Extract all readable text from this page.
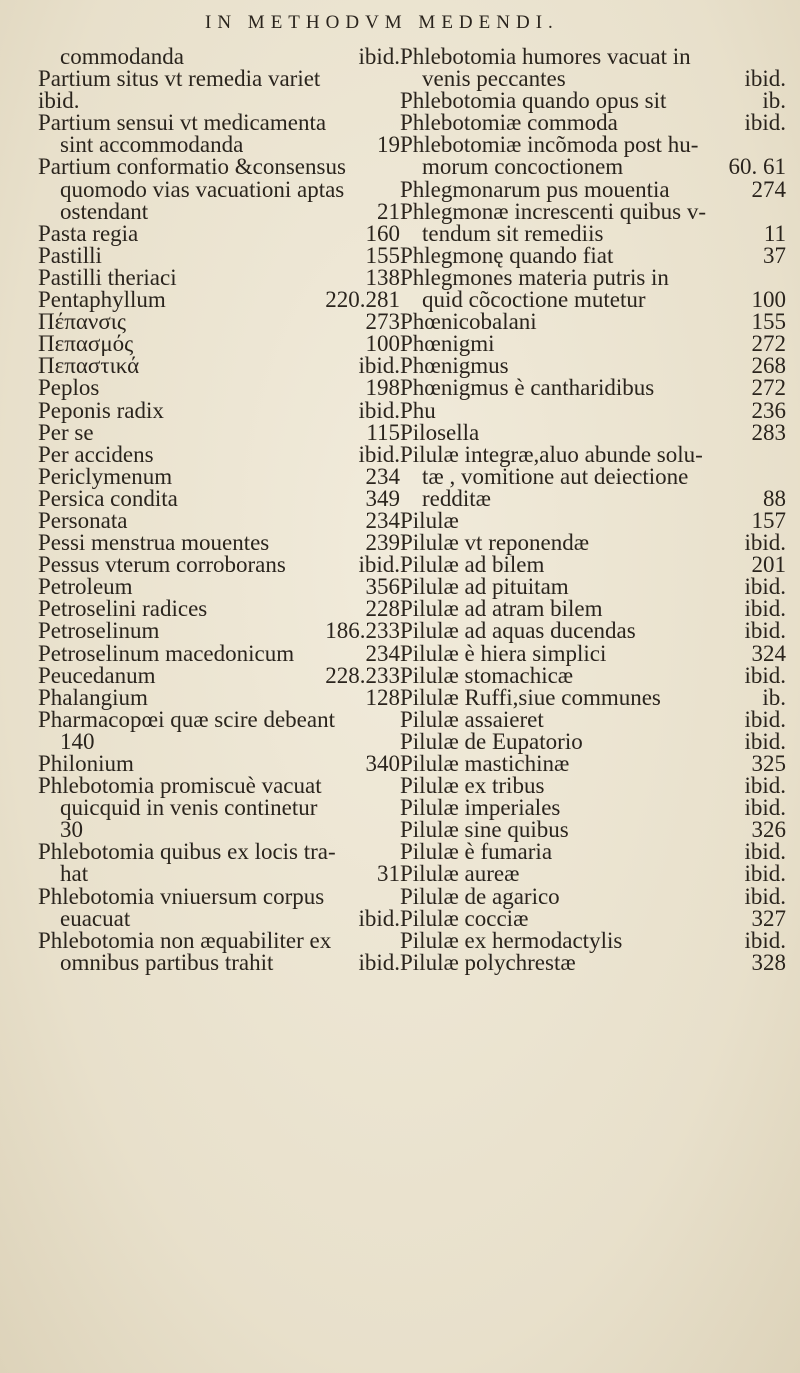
IN METHODVM MEDENDI.
commodanda	ibid.
Partium situs vt remedia variet
ibid.
Partium sensui vt medicamenta
sint accommodanda	19
Partium conformatio &consensus
quomodo vias vacuationi aptas
ostendant	21
Pasta regia	160
Pastilli	155
Pastilli theriaci	138
Pentaphyllum	220.281
Πέπανσις	273
Πεπασμός	100
Πεπαστικά	ibid.
Peplos	198
Peponis radix	ibid.
Per se	115
Per accidens	ibid.
Periclymenum	234
Persica condita	349
Personata	234
Pessi menstrua mouentes	239
Pessus vterum corroborans	ibid.
Petroleum	356
Petroselini radices	228
Petroselinum	186.233
Petroselinum macedonicum	234
Peucedanum	228.233
Phalangium	128
Pharmacopœi quæ scire debeant
140
Philonium	340
Phlebotomia promiscuè vacuat
quicquid in venis continetur
30
Phlebotomia quibus ex locis tra-
hat	31
Phlebotomia vniuersum corpus
euacuat	ibid.
Phlebotomia non æquabiliter ex
omnibus partibus trahit	ibid.
Phlebotomia humores vacuat in
venis peccantes	ibid.
Phlebotomia quando opus sit	ib.
Phlebotomiæ commoda	ibid.
Phlebotomiæ incõmoda post hu-
morum concoctionem	60. 61
Phlegmonarum pus mouentia	274
Phlegmonæ increscenti quibus v-
tendum sit remediis	11
Phlegmonę quando fiat	37
Phlegmones materia putris in
quid cõcoctione mutetur	100
Phœnicobalani	155
Phœnigmi	272
Phœnigmus	268
Phœnigmus è cantharidibus	272
Phu	236
Pilosella	283
Pilulæ integræ,aluo abunde solu-
tæ , vomitione aut deiectione
redditæ	88
Pilulæ	157
Pilulæ vt reponendæ	ibid.
Pilulæ ad bilem	201
Pilulæ ad pituitam	ibid.
Pilulæ ad atram bilem	ibid.
Pilulæ ad aquas ducendas	ibid.
Pilulæ è hiera simplici	324
Pilulæ stomachicæ	ibid.
Pilulæ Ruffi,siue communes	ib.
Pilulæ assaieret	ibid.
Pilulæ de Eupatorio	ibid.
Pilulæ mastichinæ	325
Pilulæ ex tribus	ibid.
Pilulæ imperiales	ibid.
Pilulæ sine quibus	326
Pilulæ è fumaria	ibid.
Pilulæ aureæ	ibid.
Pilulæ de agarico	ibid.
Pilulæ cocciæ	327
Pilulæ ex hermodactylis	ibid.
Pilulæ polychrestæ	328
